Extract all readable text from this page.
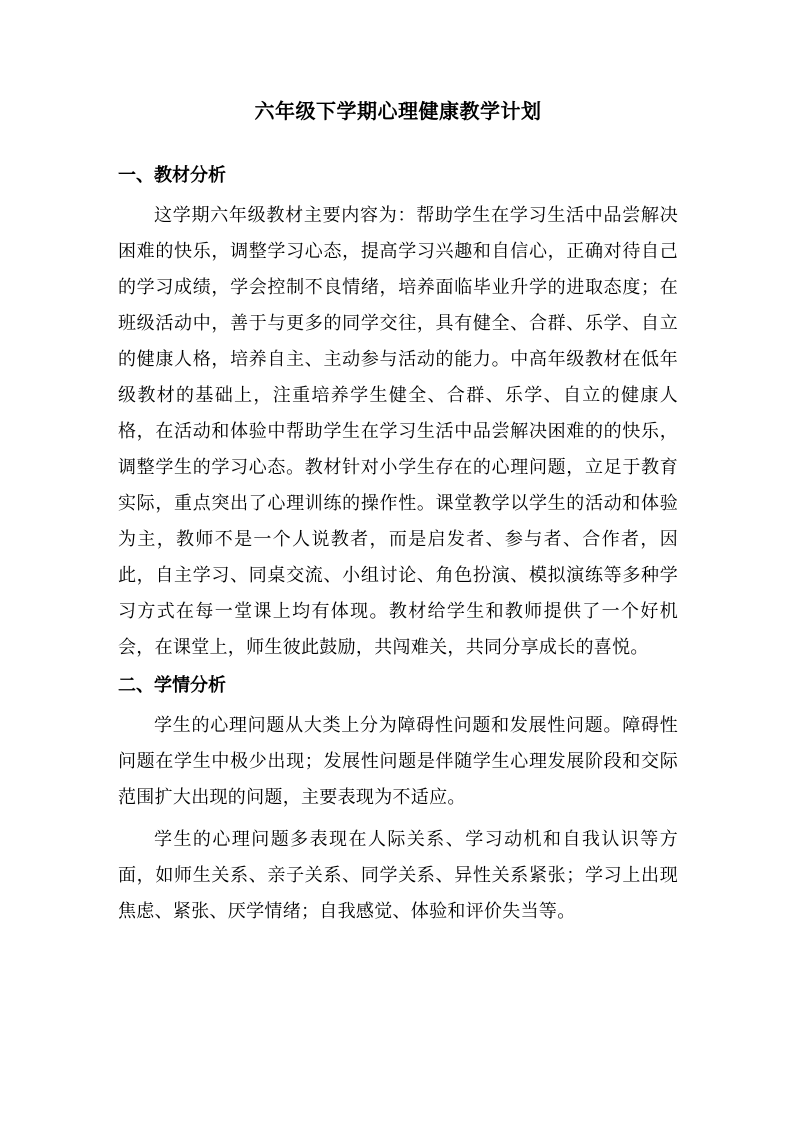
六年级下学期心理健康教学计划
一、教材分析

这学期六年级教材主要内容为：帮助学生在学习生活中品尝解决困难的快乐，调整学习心态，提高学习兴趣和自信心，正确对待自己的学习成绩，学会控制不良情绪，培养面临毕业升学的进取态度；在班级活动中，善于与更多的同学交往，具有健全、合群、乐学、自立的健康人格，培养自主、主动参与活动的能力。中高年级教材在低年级教材的基础上，注重培养学生健全、合群、乐学、自立的健康人格，在活动和体验中帮助学生在学习生活中品尝解决困难的的快乐，调整学生的学习心态。教材针对小学生存在的心理问题，立足于教育实际，重点突出了心理训练的操作性。课堂教学以学生的活动和体验为主，教师不是一个人说教者，而是启发者、参与者、合作者，因此，自主学习、同桌交流、小组讨论、角色扮演、模拟演练等多种学习方式在每一堂课上均有体现。教材给学生和教师提供了一个好机会，在课堂上，师生彼此鼓励，共闯难关，共同分享成长的喜悦。

二、学情分析

学生的心理问题从大类上分为障碍性问题和发展性问题。障碍性问题在学生中极少出现；发展性问题是伴随学生心理发展阶段和交际范围扩大出现的问题，主要表现为不适应。

学生的心理问题多表现在人际关系、学习动机和自我认识等方面，如师生关系、亲子关系、同学关系、异性关系紧张；学习上出现焦虑、紧张、厌学情绪；自我感觉、体验和评价失当等。
